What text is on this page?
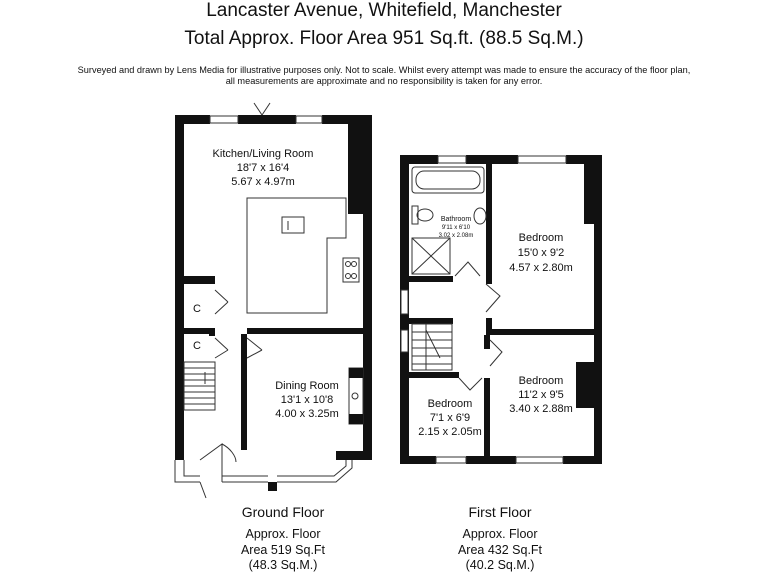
Lancaster Avenue, Whitefield, Manchester
Total Approx. Floor Area 951 Sq.ft. (88.5 Sq.M.)
Surveyed and drawn by Lens Media for illustrative purposes only. Not to scale. Whilst every attempt was made to ensure the accuracy of the floor plan,
all measurements are approximate and no responsibility is taken for any error.
Kitchen/Living Room
18'7 x 16'4
5.67 x 4.97m
C
C
Dining Room
13'1 x 10'8
4.00 x 3.25m
Bathroom
9'11 x 6'10
3.02 x 2.08m	Bedroom
15'0 x 9'2
4.57 x 2.80m
Bedroom
11'2 x 9'5
3.40 x 2.88m
Bedroom
7'1 x 6'9
2.15 x 2.05m
Ground Floor
Approx. Floor
Area 519 Sq.Ft
(48.3 Sq.M.)
First Floor
Approx. Floor
Area 432 Sq.Ft
(40.2 Sq.M.)
